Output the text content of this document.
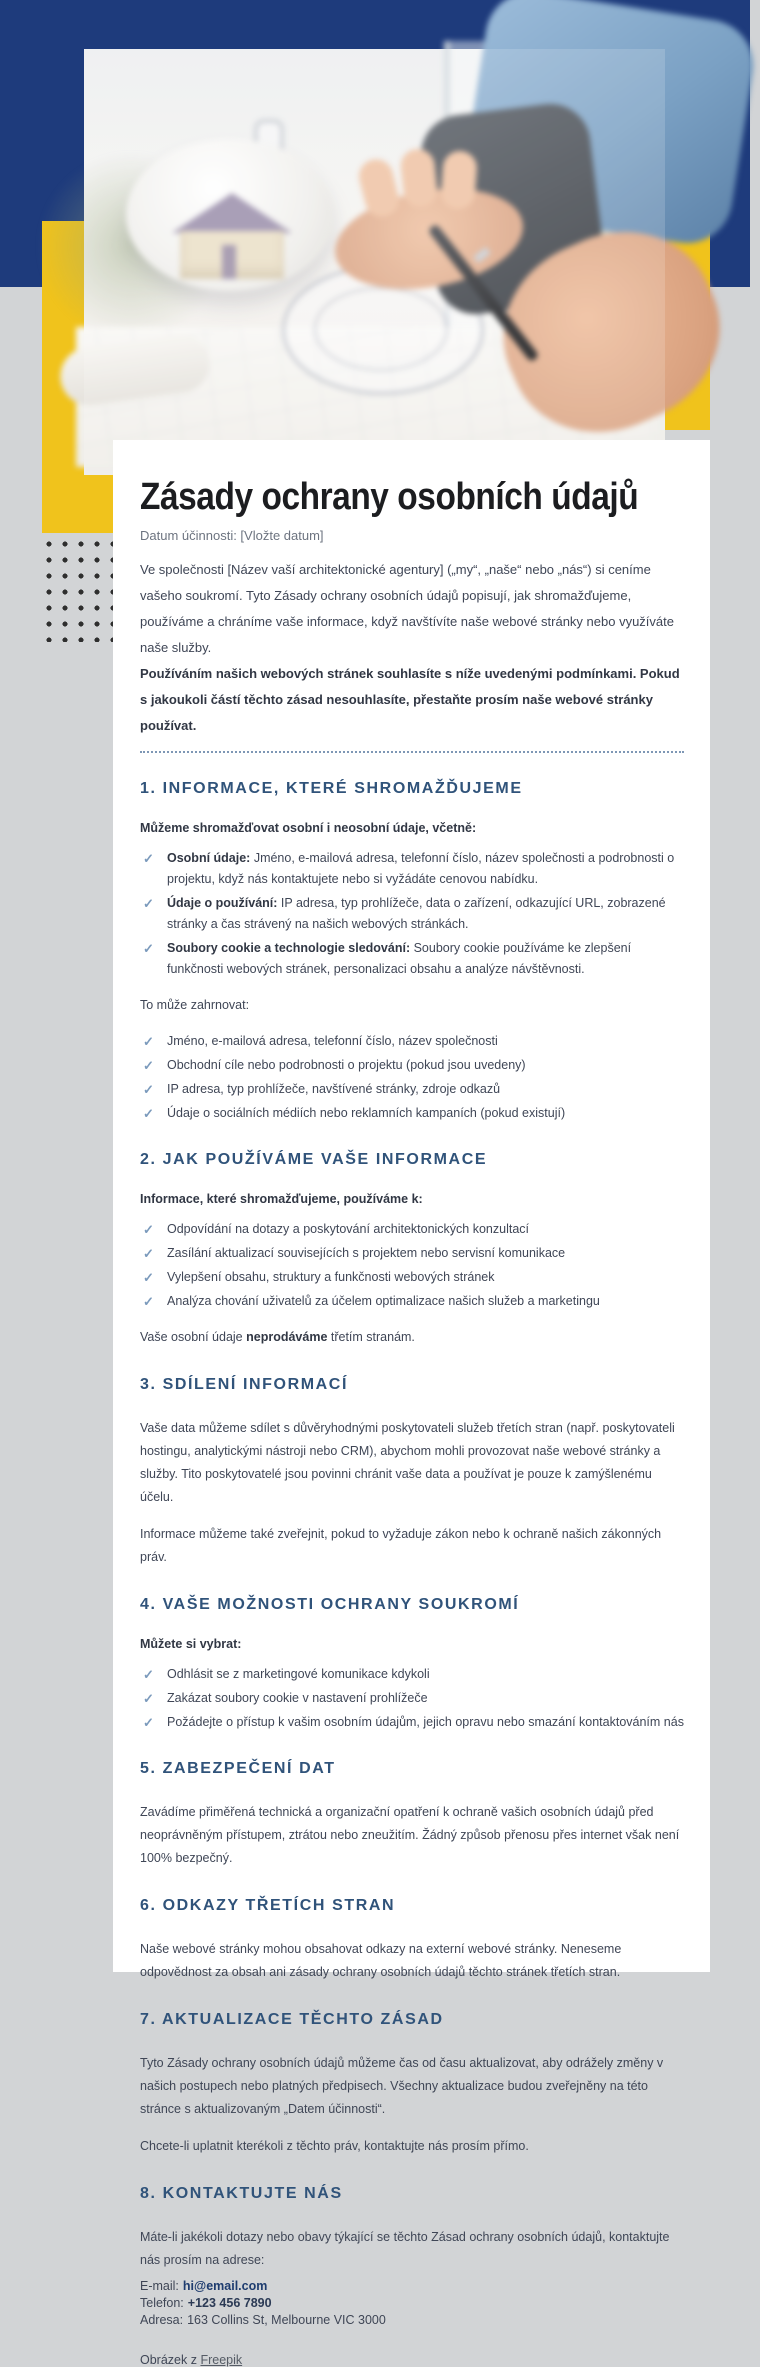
Zásady ochrany osobních údajů
Datum účinnosti: [Vložte datum]

Ve společnosti [Název vaší architektonické agentury] („my“, „naše“ nebo „nás“) si ceníme vašeho soukromí. Tyto Zásady ochrany osobních údajů popisují, jak shromažďujeme, používáme a chráníme vaše informace, když navštívíte naše webové stránky nebo využíváte naše služby.

Používáním našich webových stránek souhlasíte s níže uvedenými podmínkami. Pokud s jakoukoli částí těchto zásad nesouhlasíte, přestaňte prosím naše webové stránky používat.

1. INFORMACE, KTERÉ SHROMAŽĎUJEME

Můžeme shromažďovat osobní i neosobní údaje, včetně:

✓ Osobní údaje: Jméno, e-mailová adresa, telefonní číslo, název společnosti a podrobnosti o projektu, když nás kontaktujete nebo si vyžádáte cenovou nabídku.
✓ Údaje o používání: IP adresa, typ prohlížeče, data o zařízení, odkazující URL, zobrazené stránky a čas strávený na našich webových stránkách.
✓ Soubory cookie a technologie sledování: Soubory cookie používáme ke zlepšení funkčnosti webových stránek, personalizaci obsahu a analýze návštěvnosti.

To může zahrnovat:

✓ Jméno, e-mailová adresa, telefonní číslo, název společnosti
✓ Obchodní cíle nebo podrobnosti o projektu (pokud jsou uvedeny)
✓ IP adresa, typ prohlížeče, navštívené stránky, zdroje odkazů
✓ Údaje o sociálních médiích nebo reklamních kampaních (pokud existují)
2. JAK POUŽÍVÁME VAŠE INFORMACE

Informace, které shromažďujeme, používáme k:

✓ Odpovídání na dotazy a poskytování architektonických konzultací
✓ Zasílání aktualizací souvisejících s projektem nebo servisní komunikace
✓ Vylepšení obsahu, struktury a funkčnosti webových stránek
✓ Analýza chování uživatelů za účelem optimalizace našich služeb a marketingu

Vaše osobní údaje neprodáváme třetím stranám.

3. SDÍLENÍ INFORMACÍ

Vaše data můžeme sdílet s důvěryhodnými poskytovateli služeb třetích stran (např. poskytovateli hostingu, analytickými nástroji nebo CRM), abychom mohli provozovat naše webové stránky a služby. Tito poskytovatelé jsou povinni chránit vaše data a používat je pouze k zamýšlenému účelu.

Informace můžeme také zveřejnit, pokud to vyžaduje zákon nebo k ochraně našich zákonných práv.

4. VAŠE MOŽNOSTI OCHRANY SOUKROMÍ

Můžete si vybrat:

✓ Odhlásit se z marketingové komunikace kdykoli
✓ Zakázat soubory cookie v nastavení prohlížeče
✓ Požádejte o přístup k vašim osobním údajům, jejich opravu nebo smazání kontaktováním nás
5. ZABEZPEČENÍ DAT

Zavádíme přiměřená technická a organizační opatření k ochraně vašich osobních údajů před neoprávněným přístupem, ztrátou nebo zneužitím. Žádný způsob přenosu přes internet však není 100% bezpečný.

6. ODKAZY TŘETÍCH STRAN

Naše webové stránky mohou obsahovat odkazy na externí webové stránky. Neneseme odpovědnost za obsah ani zásady ochrany osobních údajů těchto stránek třetích stran.

7. AKTUALIZACE TĚCHTO ZÁSAD

Tyto Zásady ochrany osobních údajů můžeme čas od času aktualizovat, aby odrážely změny v našich postupech nebo platných předpisech. Všechny aktualizace budou zveřejněny na této stránce s aktualizovaným „Datem účinnosti“.

Chcete-li uplatnit kterékoli z těchto práv, kontaktujte nás prosím přímo.

8. KONTAKTUJTE NÁS

Máte-li jakékoli dotazy nebo obavy týkající se těchto Zásad ochrany osobních údajů, kontaktujte nás prosím na adrese:

E-mail: hi@email.com
Telefon: +123 456 7890
Adresa: 163 Collins St, Melbourne VIC 3000
Obrázek z Freepik
